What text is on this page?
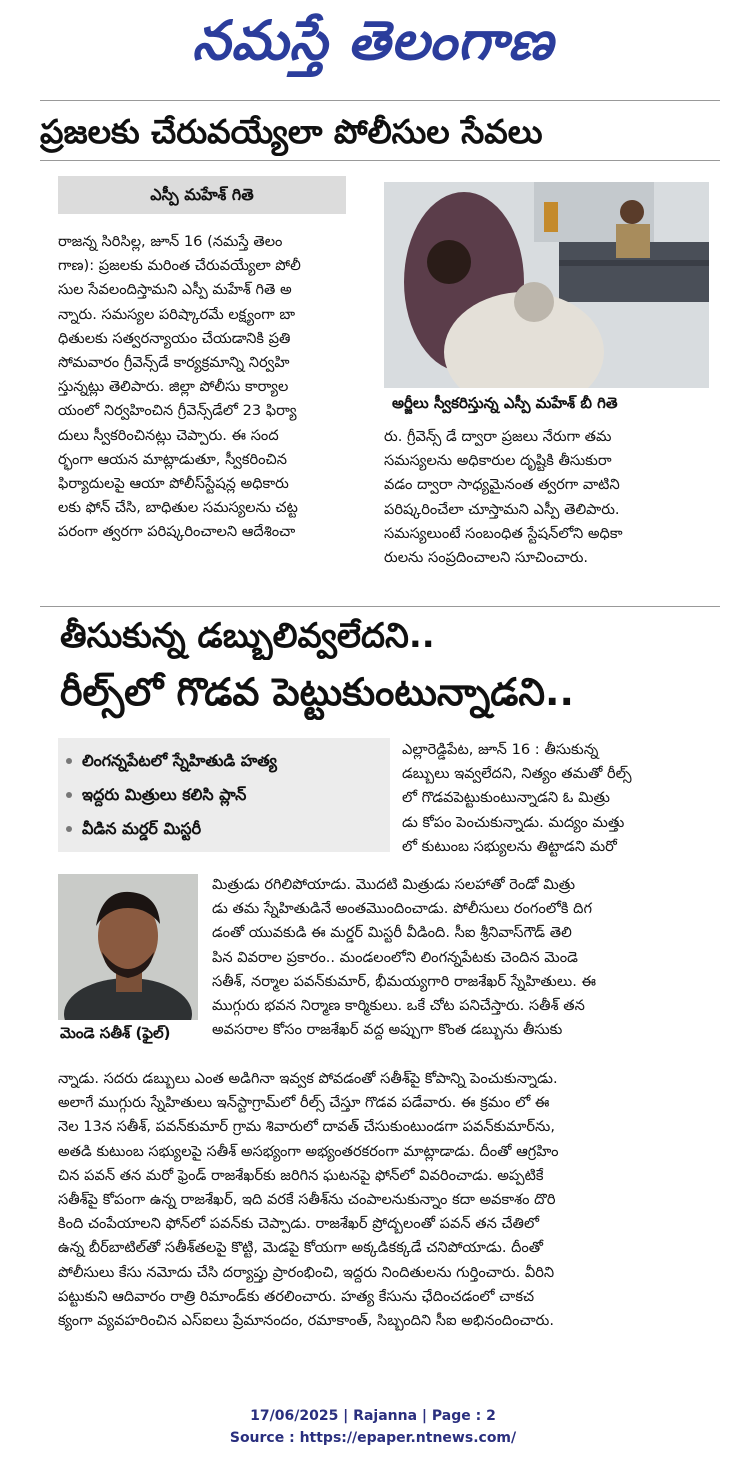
నమస్తే తెలంగాణ
ప్రజలకు చేరువయ్యేలా పోలీసుల సేవలు
ఎస్పీ మహేశ్ గితె
రాజన్న సిరిసిల్ల, జూన్ 16 (నమస్తే తెలం
గాణ): ప్రజలకు మరింత చేరువయ్యేలా పోలీ
సుల సేవలందిస్తామని ఎస్పీ మహేశ్ గితె అ
న్నారు. సమస్యల పరిష్కారమే లక్ష్యంగా బా
ధితులకు సత్వరన్యాయం చేయడానికి ప్రతి
సోమవారం గ్రీవెన్స్‌డే కార్యక్రమాన్ని నిర్వహి
స్తున్నట్లు తెలిపారు. జిల్లా పోలీసు కార్యాల
యంలో నిర్వహించిన గ్రీవెన్స్‌డేలో 23 ఫిర్యా
దులు స్వీకరించినట్లు చెప్పారు. ఈ సంద
ర్భంగా ఆయన మాట్లాడుతూ, స్వీకరించిన
ఫిర్యాదులపై ఆయా పోలీస్‌స్టేషన్ల అధికారు
లకు ఫోన్ చేసి, బాధితుల సమస్యలను చట్ట
పరంగా త్వరగా పరిష్కరించాలని ఆదేశించా
అర్జీలు స్వీకరిస్తున్న ఎస్పీ మహేశ్ బీ గితె
రు. గ్రీవెన్స్ డే ద్వారా ప్రజలు నేరుగా తమ
సమస్యలను అధికారుల దృష్టికి తీసుకురా
వడం ద్వారా సాధ్యమైనంత త్వరగా వాటిని
పరిష్కరించేలా చూస్తామని ఎస్పీ తెలిపారు.
సమస్యలుంటే సంబంధిత స్టేషన్‌లోని అధికా
రులను సంప్రదించాలని సూచించారు.
తీసుకున్న డబ్బులివ్వలేదని..
రీల్స్‌లో గొడవ పెట్టుకుంటున్నాడని..
లింగన్నపేటలో స్నేహితుడి హత్య
ఇద్దరు మిత్రులు కలిసి ప్లాన్
వీడిన మర్డర్ మిస్టరీ
ఎల్లారెడ్డిపేట, జూన్ 16 : తీసుకున్న
డబ్బులు ఇవ్వలేదని, నిత్యం తమతో రీల్స్
లో గొడవపెట్టుకుంటున్నాడని ఓ మిత్రు
డు కోపం పెంచుకున్నాడు. మద్యం మత్తు
లో కుటుంబ సభ్యులను తిట్టాడని మరో
మెండె సతీశ్ (ఫైల్)
మిత్రుడు రగిలిపోయాడు. మొదటి మిత్రుడు సలహాతో రెండో మిత్రు
డు తమ స్నేహితుడినే అంతమొందించాడు. పోలీసులు రంగంలోకి దిగ
డంతో యువకుడి ఈ మర్డర్ మిస్టరీ వీడింది. సీఐ శ్రీనివాస్‌గౌడ్ తెలి
పిన వివరాల ప్రకారం.. మండలంలోని లింగన్నపేటకు చెందిన మెండె
సతీశ్, నర్మాల పవన్‌కుమార్, భీమయ్యగారి రాజశేఖర్ స్నేహితులు. ఈ
ముగ్గురు భవన నిర్మాణ కార్మికులు. ఒకే చోట పనిచేస్తారు. సతీశ్ తన
అవసరాల కోసం రాజశేఖర్ వద్ద అప్పుగా కొంత డబ్బును తీసుకు
న్నాడు. సదరు డబ్బులు ఎంత అడిగినా ఇవ్వక పోవడంతో సతీశ్‌పై కోపాన్ని పెంచుకున్నాడు.
అలాగే ముగ్గురు స్నేహితులు ఇన్‌స్టాగ్రామ్‌లో రీల్స్ చేస్తూ గొడవ పడేవారు. ఈ క్రమం లో ఈ
నెల 13న సతీశ్, పవన్‌కుమార్ గ్రామ శివారులో దావత్ చేసుకుంటుండగా పవన్‌కుమార్‌ను,
అతడి కుటుంబ సభ్యులపై సతీశ్ అసభ్యంగా అభ్యంతరకరంగా మాట్లాడాడు. దీంతో ఆగ్రహిం
చిన పవన్ తన మరో ఫ్రెండ్ రాజశేఖర్‌కు జరిగిన ఘటనపై ఫోన్‌లో వివరించాడు. అప్పటికే
సతీశ్‌పై కోపంగా ఉన్న రాజశేఖర్, ఇది వరకే సతీశ్‌ను చంపాలనుకున్నాం కదా అవకాశం దొరి
కింది చంపేయాలని ఫోన్‌లో పవన్‌కు చెప్పాడు. రాజశేఖర్ ప్రోద్బలంతో పవన్ తన చేతిలో
ఉన్న బీర్‌బాటిల్‌తో సతీశ్‌తలపై కొట్టి, మెడపై కోయగా అక్కడికక్కడే చనిపోయాడు. దీంతో
పోలీసులు కేసు నమోదు చేసి దర్యాప్తు ప్రారంభించి, ఇద్దరు నిందితులను గుర్తించారు. వీరిని
పట్టుకుని ఆదివారం రాత్రి రిమాండ్‌కు తరలించారు. హత్య కేసును ఛేదించడంలో చాకచ
క్యంగా వ్యవహరించిన ఎస్ఐలు ప్రేమానందం, రమాకాంత్, సిబ్బందిని సీఐ అభినందించారు.
17/06/2025 | Rajanna | Page : 2
Source : https://epaper.ntnews.com/
